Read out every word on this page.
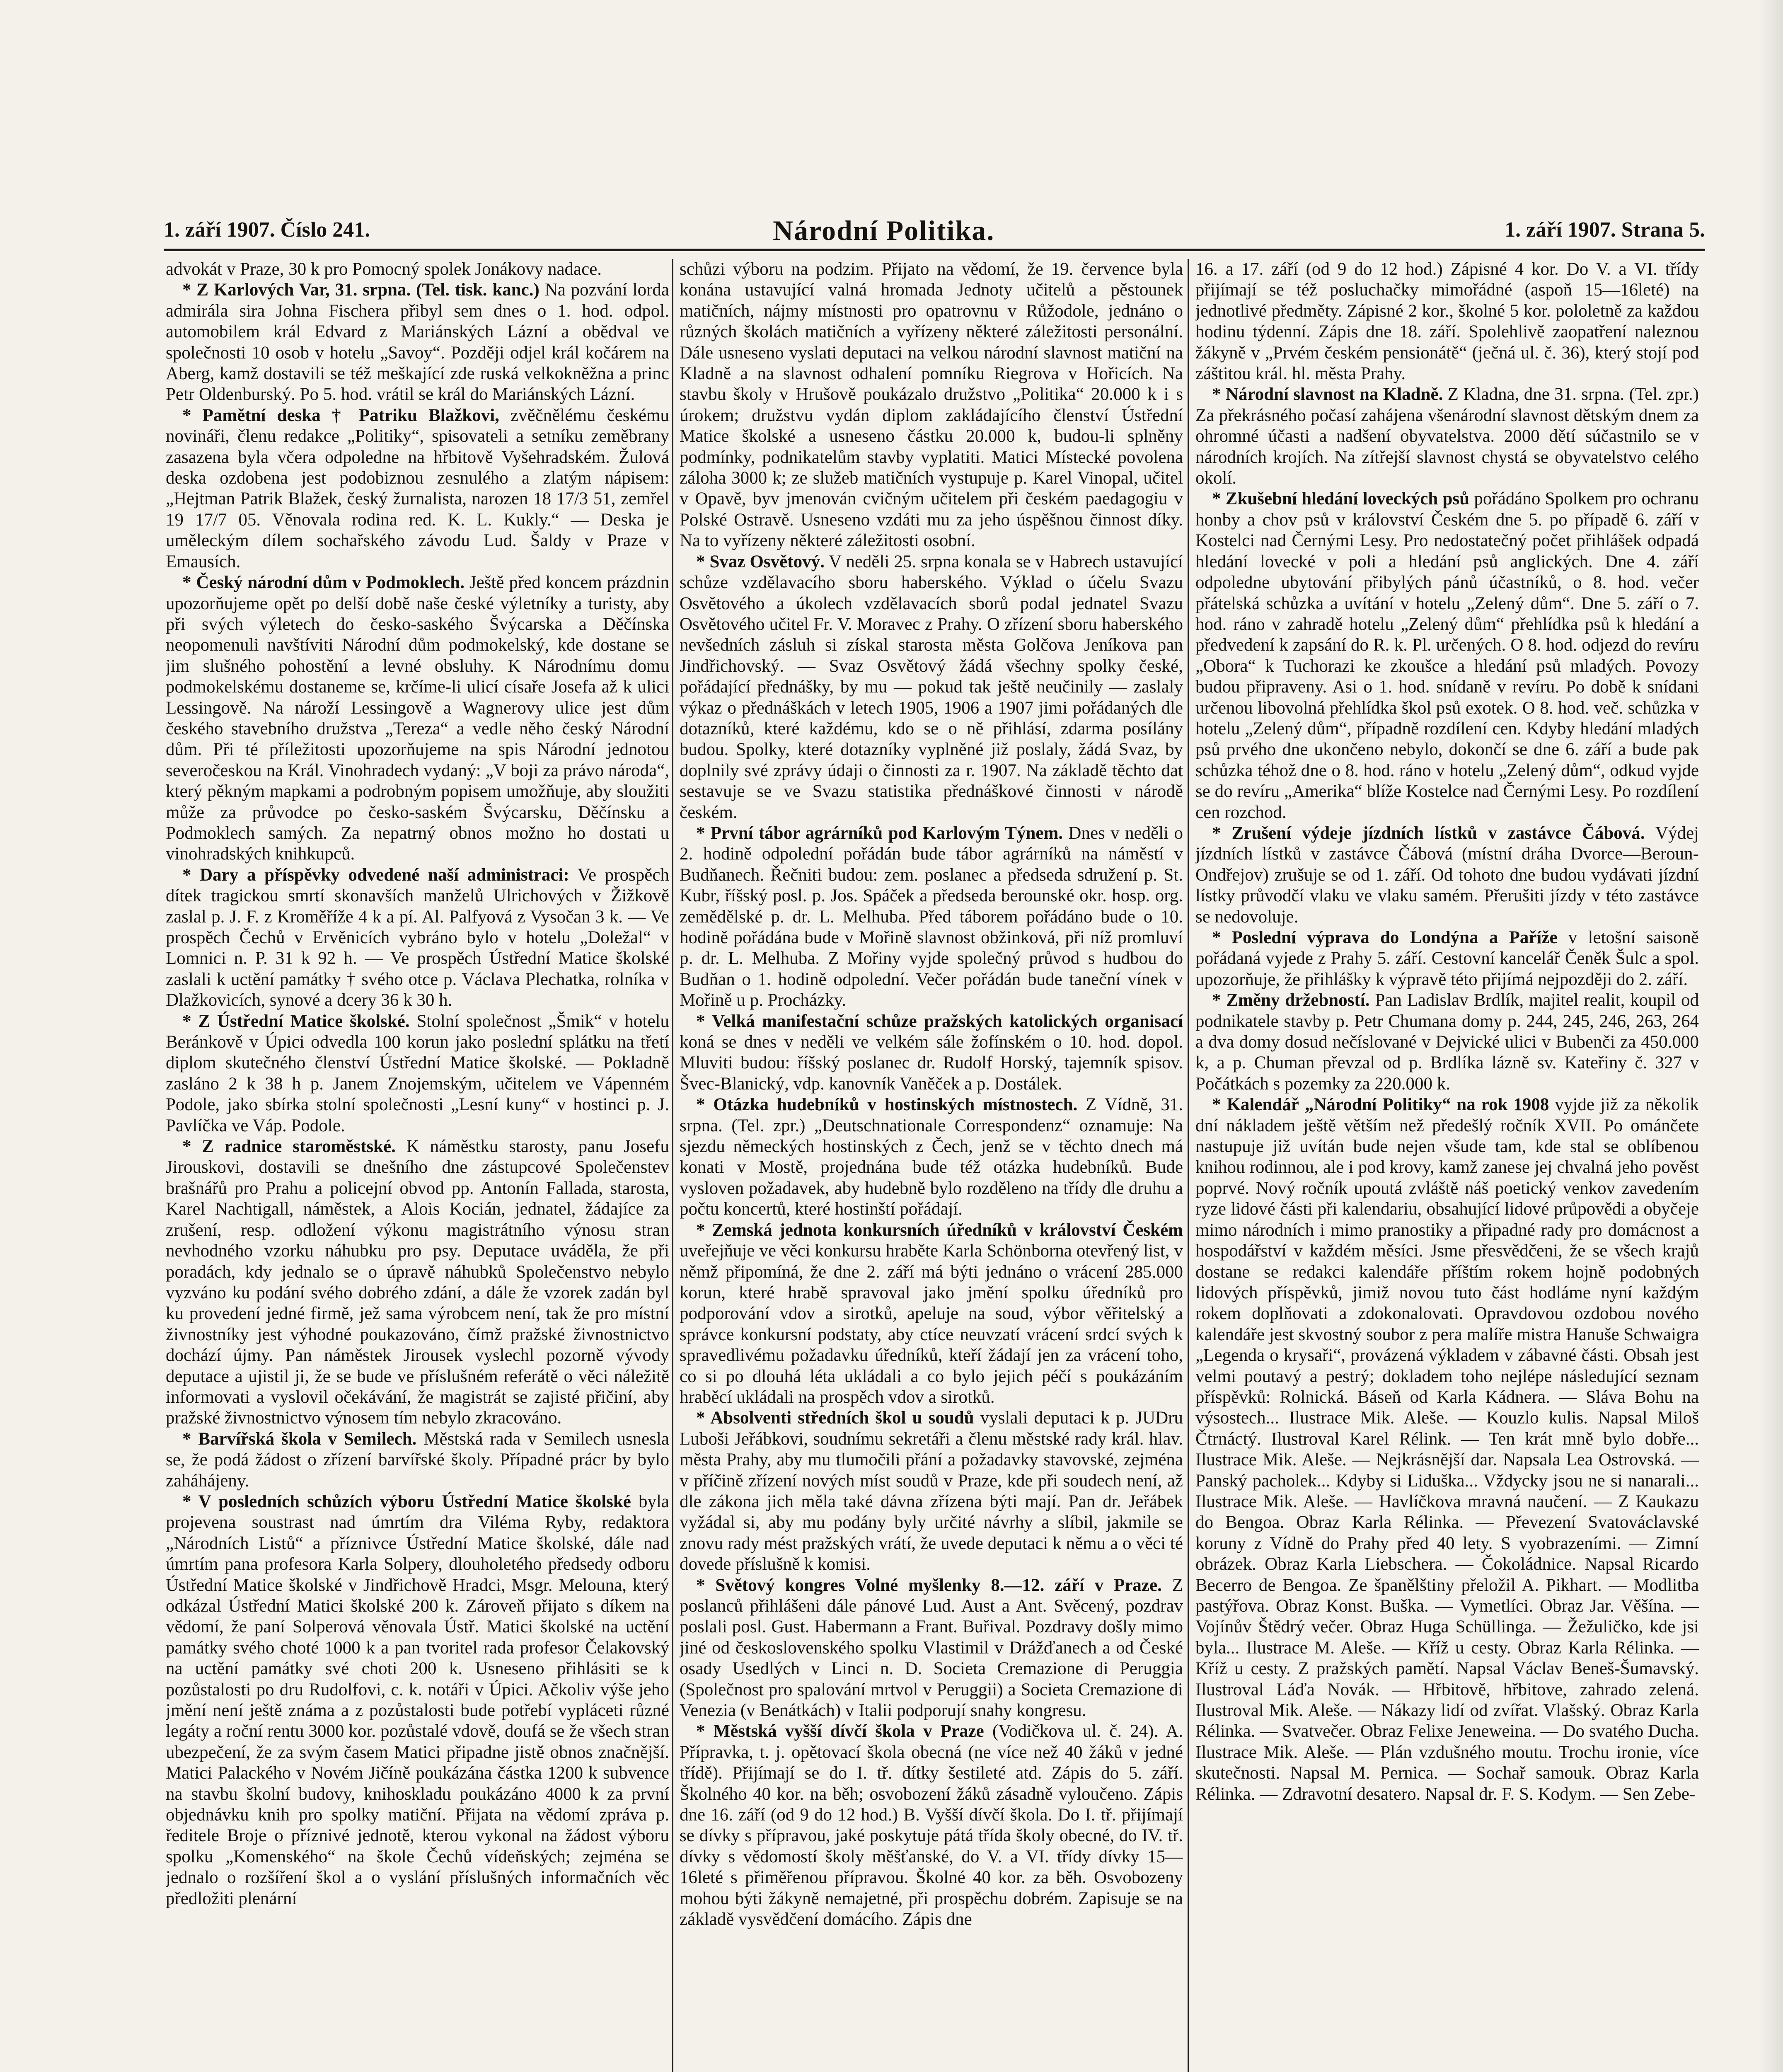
1. září 1907. Číslo 241.	Národní Politika.	1. září 1907. Strana 5.

advokát v Praze, 30 k pro Pomocný spolek Jonákovy nadace.

* Z Karlových Var, 31. srpna. (Tel. tisk. kanc.) Na pozvání lorda admirála sira Johna Fischera přibyl sem dnes o 1. hod. odpol. automobilem král Edvard z Mariánských Lázní a obědval ve společnosti 10 osob v hotelu „Savoy“. Později odjel král kočárem na Aberg, kamž dostavili se též meškající zde ruská velkokněžna a princ Petr Oldenburský. Po 5. hod. vrátil se král do Mariánských Lázní.

* Pamětní deska † Patriku Blažkovi, zvěčnělému českému novináři, členu redakce „Politiky“, spisovateli a setníku zeměbrany zasazena byla včera odpoledne na hřbitově Vyšehradském. Žulová deska ozdobena jest podobiznou zesnulého a zlatým nápisem: „Hejtman Patrik Blažek, český žurnalista, narozen 18 17/3 51, zemřel 19 17/7 05. Věnovala rodina red. K. L. Kukly.“ — Deska je uměleckým dílem sochařského závodu Lud. Šaldy v Praze v Emausích.

* Český národní dům v Podmoklech. Ještě před koncem prázdnin upozorňujeme opět po delší době naše české výletníky a turisty, aby při svých výletech do česko-saského Švýcarska a Děčínska neopomenuli navštíviti Národní dům podmokelský, kde dostane se jim slušného pohostění a levné obsluhy. K Národnímu domu podmokelskému dostaneme se, krčíme-li ulicí císaře Josefa až k ulici Lessingově. Na nároží Lessingově a Wagnerovy ulice jest dům českého stavebního družstva „Tereza“ a vedle něho český Národní dům. Při té příležitosti upozorňujeme na spis Národní jednotou severočeskou na Král. Vinohradech vydaný: „V boji za právo národa“, který pěkným mapkami a podrobným popisem umožňuje, aby sloužiti může za průvodce po česko-saském Švýcarsku, Děčínsku a Podmoklech samých. Za nepatrný obnos možno ho dostati u vinohradských knihkupců.

* Dary a příspěvky odvedené naší administraci: Ve prospěch dítek tragickou smrtí skonavších manželů Ulrichových v Žižkově zaslal p. J. F. z Kroměříže 4 k a pí. Al. Palfyová z Vysočan 3 k. — Ve prospěch Čechů v Ervěnicích vybráno bylo v hotelu „Doležal“ v Lomnici n. P. 31 k 92 h. — Ve prospěch Ústřední Matice školské zaslali k uctění památky † svého otce p. Václava Plechatka, rolníka v Dlažkovicích, synové a dcery 36 k 30 h.

* Z Ústřední Matice školské. Stolní společnost „Šmik“ v hotelu Beránkově v Úpici odvedla 100 korun jako poslední splátku na třetí diplom skutečného členství Ústřední Matice školské. — Pokladně zasláno 2 k 38 h p. Janem Znojemským, učitelem ve Vápenném Podole, jako sbírka stolní společnosti „Lesní kuny“ v hostinci p. J. Pavlíčka ve Váp. Podole.

* Z radnice staroměstské. K náměstku starosty, panu Josefu Jirouskovi, dostavili se dnešního dne zástupcové Společenstev brašnářů pro Prahu a policejní obvod pp. Antonín Fallada, starosta, Karel Nachtigall, náměstek, a Alois Kocián, jednatel, žádajíce za zrušení, resp. odložení výkonu magistrátního výnosu stran nevhodného vzorku náhubku pro psy. Deputace uváděla, že při poradách, kdy jednalo se o úpravě náhubků Společenstvo nebylo vyzváno ku podání svého dobrého zdání, a dále že vzorek zadán byl ku provedení jedné firmě, jež sama výrobcem není, tak že pro místní živnostníky jest výhodné poukazováno, čímž pražské živnostnictvo dochází újmy. Pan náměstek Jirousek vyslechl pozorně vývody deputace a ujistil ji, že se bude ve příslušném referátě o věci náležitě informovati a vyslovil očekávání, že magistrát se zajisté přičiní, aby pražské živnostnictvo výnosem tím nebylo zkracováno.

* Barvířská škola v Semilech. Městská rada v Semilech usnesla se, že podá žádost o zřízení barvířské školy. Případné prácr by bylo zaháhájeny.

* V posledních schůzích výboru Ústřední Matice školské byla projevena soustrast nad úmrtím dra Viléma Ryby, redaktora „Národních Listů“ a příznivce Ústřední Matice školské, dále nad úmrtím pana profesora Karla Solpery, dlouholetého předsedy odboru Ústřední Matice školské v Jindřichově Hradci, Msgr. Melouna, který odkázal Ústřední Matici školské 200 k. Zároveň přijato s díkem na vědomí, že paní Solperová věnovala Ústř. Matici školské na uctění památky svého choté 1000 k a pan tvoritel rada profesor Čelakovský na uctění památky své choti 200 k. Usneseno přihlásiti se k pozůstalosti po dru Rudolfovi, c. k. notáři v Úpici. Ačkoliv výše jeho jmění není ještě známa a z pozůstalosti bude potřebí vypláceti různé legáty a roční rentu 3000 kor. pozůstalé vdově, doufá se že všech stran ubezpečení, že za svým časem Matici připadne jistě obnos značnější. Matici Palackého v Novém Jičíně poukázána částka 1200 k subvence na stavbu školní budovy, knihoskladu poukázáno 4000 k za první objednávku knih pro spolky matiční. Přijata na vědomí zpráva p. ředitele Broje o příznivé jednotě, kterou vykonal na žádost výboru spolku „Komenského“ na škole Čechů vídeňských; zejména se jednalo o rozšíření škol a o vyslání příslušných informačních věc předložiti plenární

schůzi výboru na podzim. Přijato na vědomí, že 19. července byla konána ustavující valná hromada Jednoty učitelů a pěstounek matičních, nájmy místnosti pro opatrovnu v Růžodole, jednáno o různých školách matičních a vyřízeny některé záležitosti personální. Dále usneseno vyslati deputaci na velkou národní slavnost matiční na Kladně a na slavnost odhalení pomníku Riegrova v Hořicích. Na stavbu školy v Hrušově poukázalo družstvo „Politika“ 20.000 k i s úrokem; družstvu vydán diplom zakládajícího členství Ústřední Matice školské a usneseno částku 20.000 k, budou-li splněny podmínky, podnikatelům stavby vyplatiti. Matici Místecké povolena záloha 3000 k; ze služeb matičních vystupuje p. Karel Vinopal, učitel v Opavě, byv jmenován cvičným učitelem při českém paedagogiu v Polské Ostravě. Usneseno vzdáti mu za jeho úspěšnou činnost díky. Na to vyřízeny některé záležitosti osobní.

* Svaz Osvětový. V neděli 25. srpna konala se v Habrech ustavující schůze vzdělavacího sboru haberského. Výklad o účelu Svazu Osvětového a úkolech vzdělavacích sborů podal jednatel Svazu Osvětového učitel Fr. V. Moravec z Prahy. O zřízení sboru haberského nevšedních zásluh si získal starosta města Golčova Jeníkova pan Jindřichovský. — Svaz Osvětový žádá všechny spolky české, pořádající přednášky, by mu — pokud tak ještě neučinily — zaslaly výkaz o přednáškách v letech 1905, 1906 a 1907 jimi pořádaných dle dotazníků, které každému, kdo se o ně přihlásí, zdarma posílány budou. Spolky, které dotazníky vyplněné již poslaly, žádá Svaz, by doplnily své zprávy údaji o činnosti za r. 1907. Na základě těchto dat sestavuje se ve Svazu statistika přednáškové činnosti v národě českém.

* První tábor agrárníků pod Karlovým Týnem. Dnes v neděli o 2. hodině odpolední pořádán bude tábor agrárníků na náměstí v Budňanech. Řečniti budou: zem. poslanec a předseda sdružení p. St. Kubr, říšský posl. p. Jos. Spáček a předseda berounské okr. hosp. org. zemědělské p. dr. L. Melhuba. Před táborem pořádáno bude o 10. hodině pořádána bude v Mořině slavnost obžinková, při níž promluví p. dr. L. Melhuba. Z Mořiny vyjde společný průvod s hudbou do Budňan o 1. hodině odpolední. Večer pořádán bude taneční vínek v Mořině u p. Procházky.

* Velká manifestační schůze pražských katolických organisací koná se dnes v neděli ve velkém sále žofínském o 10. hod. dopol. Mluviti budou: říšský poslanec dr. Rudolf Horský, tajemník spisov. Švec-Blanický, vdp. kanovník Vaněček a p. Dostálek.

* Otázka hudebníků v hostinských místnostech. Z Vídně, 31. srpna. (Tel. zpr.) „Deutschnationale Correspondenz“ oznamuje: Na sjezdu německých hostinských z Čech, jenž se v těchto dnech má konati v Mostě, projednána bude též otázka hudebníků. Bude vysloven požadavek, aby hudebně bylo rozděleno na třídy dle druhu a počtu koncertů, které hostinští pořádají.

* Zemská jednota konkursních úředníků v království Českém uveřejňuje ve věci konkursu hraběte Karla Schönborna otevřený list, v němž připomíná, že dne 2. září má býti jednáno o vrácení 285.000 korun, které hrabě spravoval jako jmění spolku úředníků pro podporování vdov a sirotků, apeluje na soud, výbor věřitelský a správce konkursní podstaty, aby ctíce neuvzatí vrácení srdcí svých k spravedlivému požadavku úředníků, kteří žádají jen za vrácení toho, co si po dlouhá léta ukládali a co bylo jejich péčí s poukázáním hraběcí ukládali na prospěch vdov a sirotků.

* Absolventi středních škol u soudů vyslali deputaci k p. JUDru Luboši Jeřábkovi, soudnímu sekretáři a členu městské rady král. hlav. města Prahy, aby mu tlumočili přání a požadavky stavovské, zejména v příčině zřízení nových míst soudů v Praze, kde při soudech není, až dle zákona jich měla také dávna zřízena býti mají. Pan dr. Jeřábek vyžádal si, aby mu podány byly určité návrhy a slíbil, jakmile se znovu rady mést pražských vrátí, že uvede deputaci k němu a o věci té dovede příslušně k komisi.

* Světový kongres Volné myšlenky 8.—12. září v Praze. Z poslanců přihlášeni dále pánové Lud. Aust a Ant. Svěcený, pozdrav poslali posl. Gust. Habermann a Frant. Buřival. Pozdravy došly mimo jiné od československého spolku Vlastimil v Drážďanech a od České osady Usedlých v Linci n. D. Societa Cremazione di Peruggia (Společnost pro spalování mrtvol v Peruggii) a Societa Cremazione di Venezia (v Benátkách) v Italii podporují snahy kongresu.

* Městská vyšší dívčí škola v Praze (Vodičkova ul. č. 24). A. Přípravka, t. j. opětovací škola obecná (ne více než 40 žáků v jedné třídě). Přijímají se do I. tř. dítky šestileté atd. Zápis do 5. září. Školného 40 kor. na běh; osvobození žáků zásadně vyloučeno. Zápis dne 16. září (od 9 do 12 hod.) B. Vyšší dívčí škola. Do I. tř. přijímají se dívky s přípravou, jaké poskytuje pátá třída školy obecné, do IV. tř. dívky s vědomostí školy měšťanské, do V. a VI. třídy dívky 15—16leté s přiměřenou přípravou. Školné 40 kor. za běh. Osvobozeny mohou býti žákyně nemajetné, při prospěchu dobrém. Zapisuje se na základě vysvědčení domácího. Zápis dne

16. a 17. září (od 9 do 12 hod.) Zápisné 4 kor. Do V. a VI. třídy přijímají se též posluchačky mimořádné (aspoň 15—16leté) na jednotlivé předměty. Zápisné 2 kor., školné 5 kor. pololetně za každou hodinu týdenní. Zápis dne 18. září. Spolehlivě zaopatření naleznou žákyně v „Prvém českém pensionátě“ (ječná ul. č. 36), který stojí pod záštitou král. hl. města Prahy.

* Národní slavnost na Kladně. Z Kladna, dne 31. srpna. (Tel. zpr.) Za překrásného počasí zahájena všenárodní slavnost dětským dnem za ohromné účasti a nadšení obyvatelstva. 2000 dětí súčastnilo se v národních krojích. Na zítřejší slavnost chystá se obyvatelstvo celého okolí.

* Zkušební hledání loveckých psů pořádáno Spolkem pro ochranu honby a chov psů v království Českém dne 5. po případě 6. září v Kostelci nad Černými Lesy. Pro nedostatečný počet přihlášek odpadá hledání lovecké v poli a hledání psů anglických. Dne 4. září odpoledne ubytování přibylých pánů účastníků, o 8. hod. večer přátelská schůzka a uvítání v hotelu „Zelený dům“. Dne 5. září o 7. hod. ráno v zahradě hotelu „Zelený dům“ přehlídka psů k hledání a předvedení k zapsání do R. k. Pl. určených. O 8. hod. odjezd do revíru „Obora“ k Tuchorazi ke zkoušce a hledání psů mladých. Povozy budou připraveny. Asi o 1. hod. snídaně v revíru. Po době k snídani určenou libovolná přehlídka škol psů exotek. O 8. hod. več. schůzka v hotelu „Zelený dům“, případně rozdílení cen. Kdyby hledání mladých psů prvého dne ukončeno nebylo, dokončí se dne 6. září a bude pak schůzka téhož dne o 8. hod. ráno v hotelu „Zelený dům“, odkud vyjde se do revíru „Amerika“ blíže Kostelce nad Černými Lesy. Po rozdílení cen rozchod.

* Zrušení výdeje jízdních lístků v zastávce Čábová. Výdej jízdních lístků v zastávce Čábová (místní dráha Dvorce—Beroun-Ondřejov) zrušuje se od 1. září. Od tohoto dne budou vydávati jízdní lístky průvodčí vlaku ve vlaku samém. Přerušiti jízdy v této zastávce se nedovoluje.

* Poslední výprava do Londýna a Paříže v letošní saisoně pořádaná vyjede z Prahy 5. září. Cestovní kancelář Čeněk Šulc a spol. upozorňuje, že přihlášky k výpravě této přijímá nejpozději do 2. září.

* Změny držebností. Pan Ladislav Brdlík, majitel realit, koupil od podnikatele stavby p. Petr Chumana domy p. 244, 245, 246, 263, 264 a dva domy dosud nečíslované v Dejvické ulici v Bubenči za 450.000 k, a p. Chuman převzal od p. Brdlíka lázně sv. Kateřiny č. 327 v Počátkách s pozemky za 220.000 k.

* Kalendář „Národní Politiky“ na rok 1908 vyjde již za několik dní nákladem ještě větším než předešlý ročník XVII. Po ománčete nastupuje již uvítán bude nejen všude tam, kde stal se oblíbenou knihou rodinnou, ale i pod krovy, kamž zanese jej chvalná jeho pověst poprvé. Nový ročník upoutá zvláště náš poetický venkov zavedením ryze lidové části při kalendariu, obsahující lidové průpovědi a obyčeje mimo národních i mimo pranostiky a připadné rady pro domácnost a hospodářství v každém měsíci. Jsme přesvědčeni, že se všech krajů dostane se redakci kalendáře příštím rokem hojně podobných lidových příspěvků, jimiž novou tuto část hodláme nyní každým rokem doplňovati a zdokonalovati. Opravdovou ozdobou nového kalendáře jest skvostný soubor z pera malíře mistra Hanuše Schwaigra „Legenda o krysaři“, provázená výkladem v zábavné části. Obsah jest velmi poutavý a pestrý; dokladem toho nejlépe následující seznam příspěvků: Rolnická. Báseň od Karla Kádnera. — Sláva Bohu na výsostech... Ilustrace Mik. Aleše. — Kouzlo kulis. Napsal Miloš Čtrnáctý. Ilustroval Karel Rélink. — Ten krát mně bylo dobře... Ilustrace Mik. Aleše. — Nejkrásnější dar. Napsala Lea Ostrovská. — Panský pacholek... Kdyby si Liduška... Vždycky jsou ne si nanarali... Ilustrace Mik. Aleše. — Havlíčkova mravná naučení. — Z Kaukazu do Bengoa. Obraz Karla Rélinka. — Převezení Svatováclavské koruny z Vídně do Prahy před 40 lety. S vyobrazeními. — Zimní obrázek. Obraz Karla Liebschera. — Čokoládnice. Napsal Ricardo Becerro de Bengoa. Ze španělštiny přeložil A. Pikhart. — Modlitba pastýřova. Obraz Konst. Buška. — Vymetlíci. Obraz Jar. Věšína. — Vojínův Štědrý večer. Obraz Huga Schüllinga. — Žežuličko, kde jsi byla... Ilustrace M. Aleše. — Kříž u cesty. Obraz Karla Rélinka. — Kříž u cesty. Z pražských pamětí. Napsal Václav Beneš-Šumavský. Ilustroval Láďa Novák. — Hřbitově, hřbitove, zahrado zelená. Ilustroval Mik. Aleše. — Nákazy lidí od zvířat. Vlašský. Obraz Karla Rélinka. — Svatvečer. Obraz Felixe Jeneweina. — Do svatého Ducha. Ilustrace Mik. Aleše. — Plán vzdušného moutu. Trochu ironie, více skutečnosti. Napsal M. Pernica. — Sochař samouk. Obraz Karla Rélinka. — Zdravotní desatero. Napsal dr. F. S. Kodym. — Sen Zebe-
